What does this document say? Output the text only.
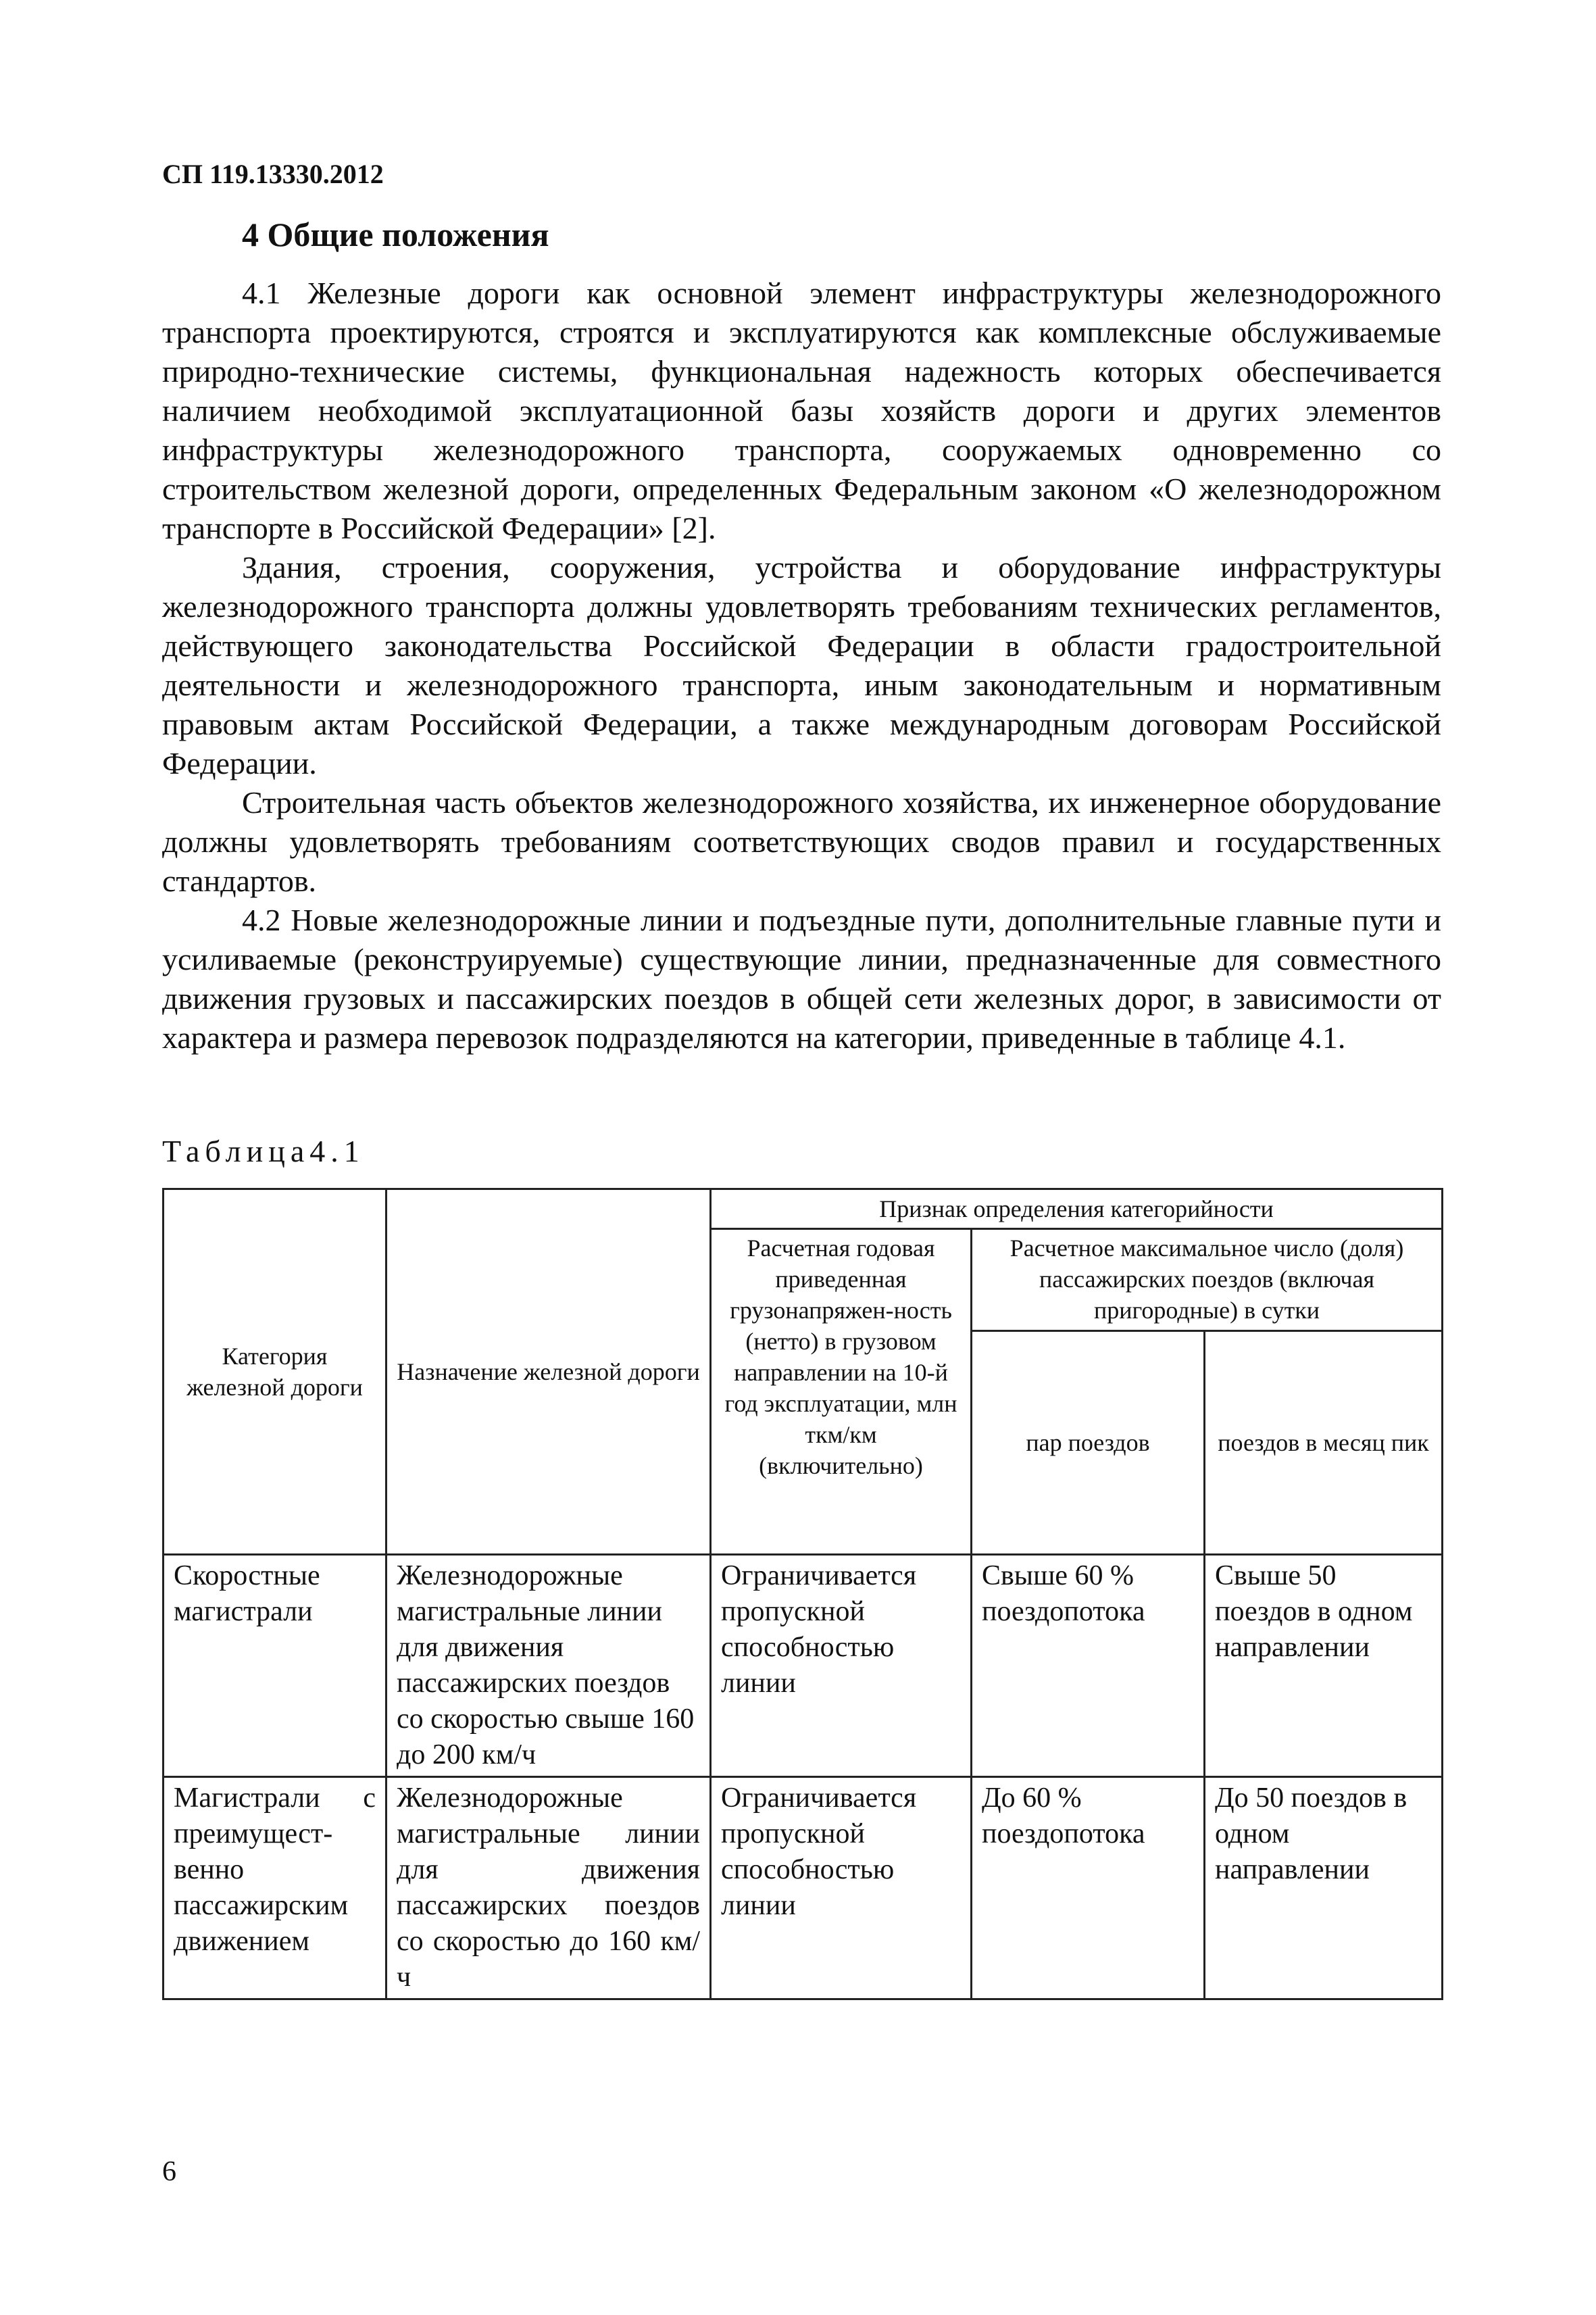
СП 119.13330.2012
4 Общие положения

4.1 Железные дороги как основной элемент инфраструктуры железнодорожного транспорта проектируются, строятся и эксплуатируются как комплексные обслуживаемые природно-технические системы, функциональная надежность которых обеспечивается наличием необходимой эксплуатационной базы хозяйств дороги и других элементов инфраструктуры железнодорожного транспорта, сооружаемых одновременно со строительством железной дороги, определенных Федеральным законом «О железнодорожном транспорте в Российской Федерации» [2].

Здания, строения, сооружения, устройства и оборудование инфраструктуры железнодорожного транспорта должны удовлетворять требованиям технических регламентов, действующего законодательства Российской Федерации в области градостроительной деятельности и железнодорожного транспорта, иным законодательным и нормативным правовым актам Российской Федерации, а также международным договорам Российской Федерации.

Строительная часть объектов железнодорожного хозяйства, их инженерное оборудование должны удовлетворять требованиям соответствующих сводов правил и государственных стандартов.

4.2 Новые железнодорожные линии и подъездные пути, дополнительные главные пути и усиливаемые (реконструируемые) существующие линии, предназначенные для совместного движения грузовых и пассажирских поездов в общей сети железных дорог, в зависимости от характера и размера перевозок подразделяются на категории, приведенные в таблице 4.1.

Таблица4.1
Категория железной дороги	Назначение железной дороги	Признак определения категорийности		
		Расчетная годовая приведенная грузонапряжен-ность (нетто) в грузовом направлении на 10-й год эксплуатации, млн ткм/км (включительно)	Расчетное максимальное число (доля) пассажирских поездов (включая пригородные) в сутки	
			пар поездов	поездов в месяц пик
Скоростные магистрали	Железнодорожные магистральные линии для движения пассажирских поездов со скоростью свыше 160 до 200 км/ч	Ограничивается пропускной способностью линии	Свыше 60 % поездопотока	Свыше 50 поездов в одном направлении
Магистрали с преимущест-венно пассажирским движением	Железнодорожные магистральные линии для движения пассажирских поездов со скоростью до 160 км/ч	Ограничивается пропускной способностью линии	До 60 % поездопотока	До 50 поездов в одном направлении
6
